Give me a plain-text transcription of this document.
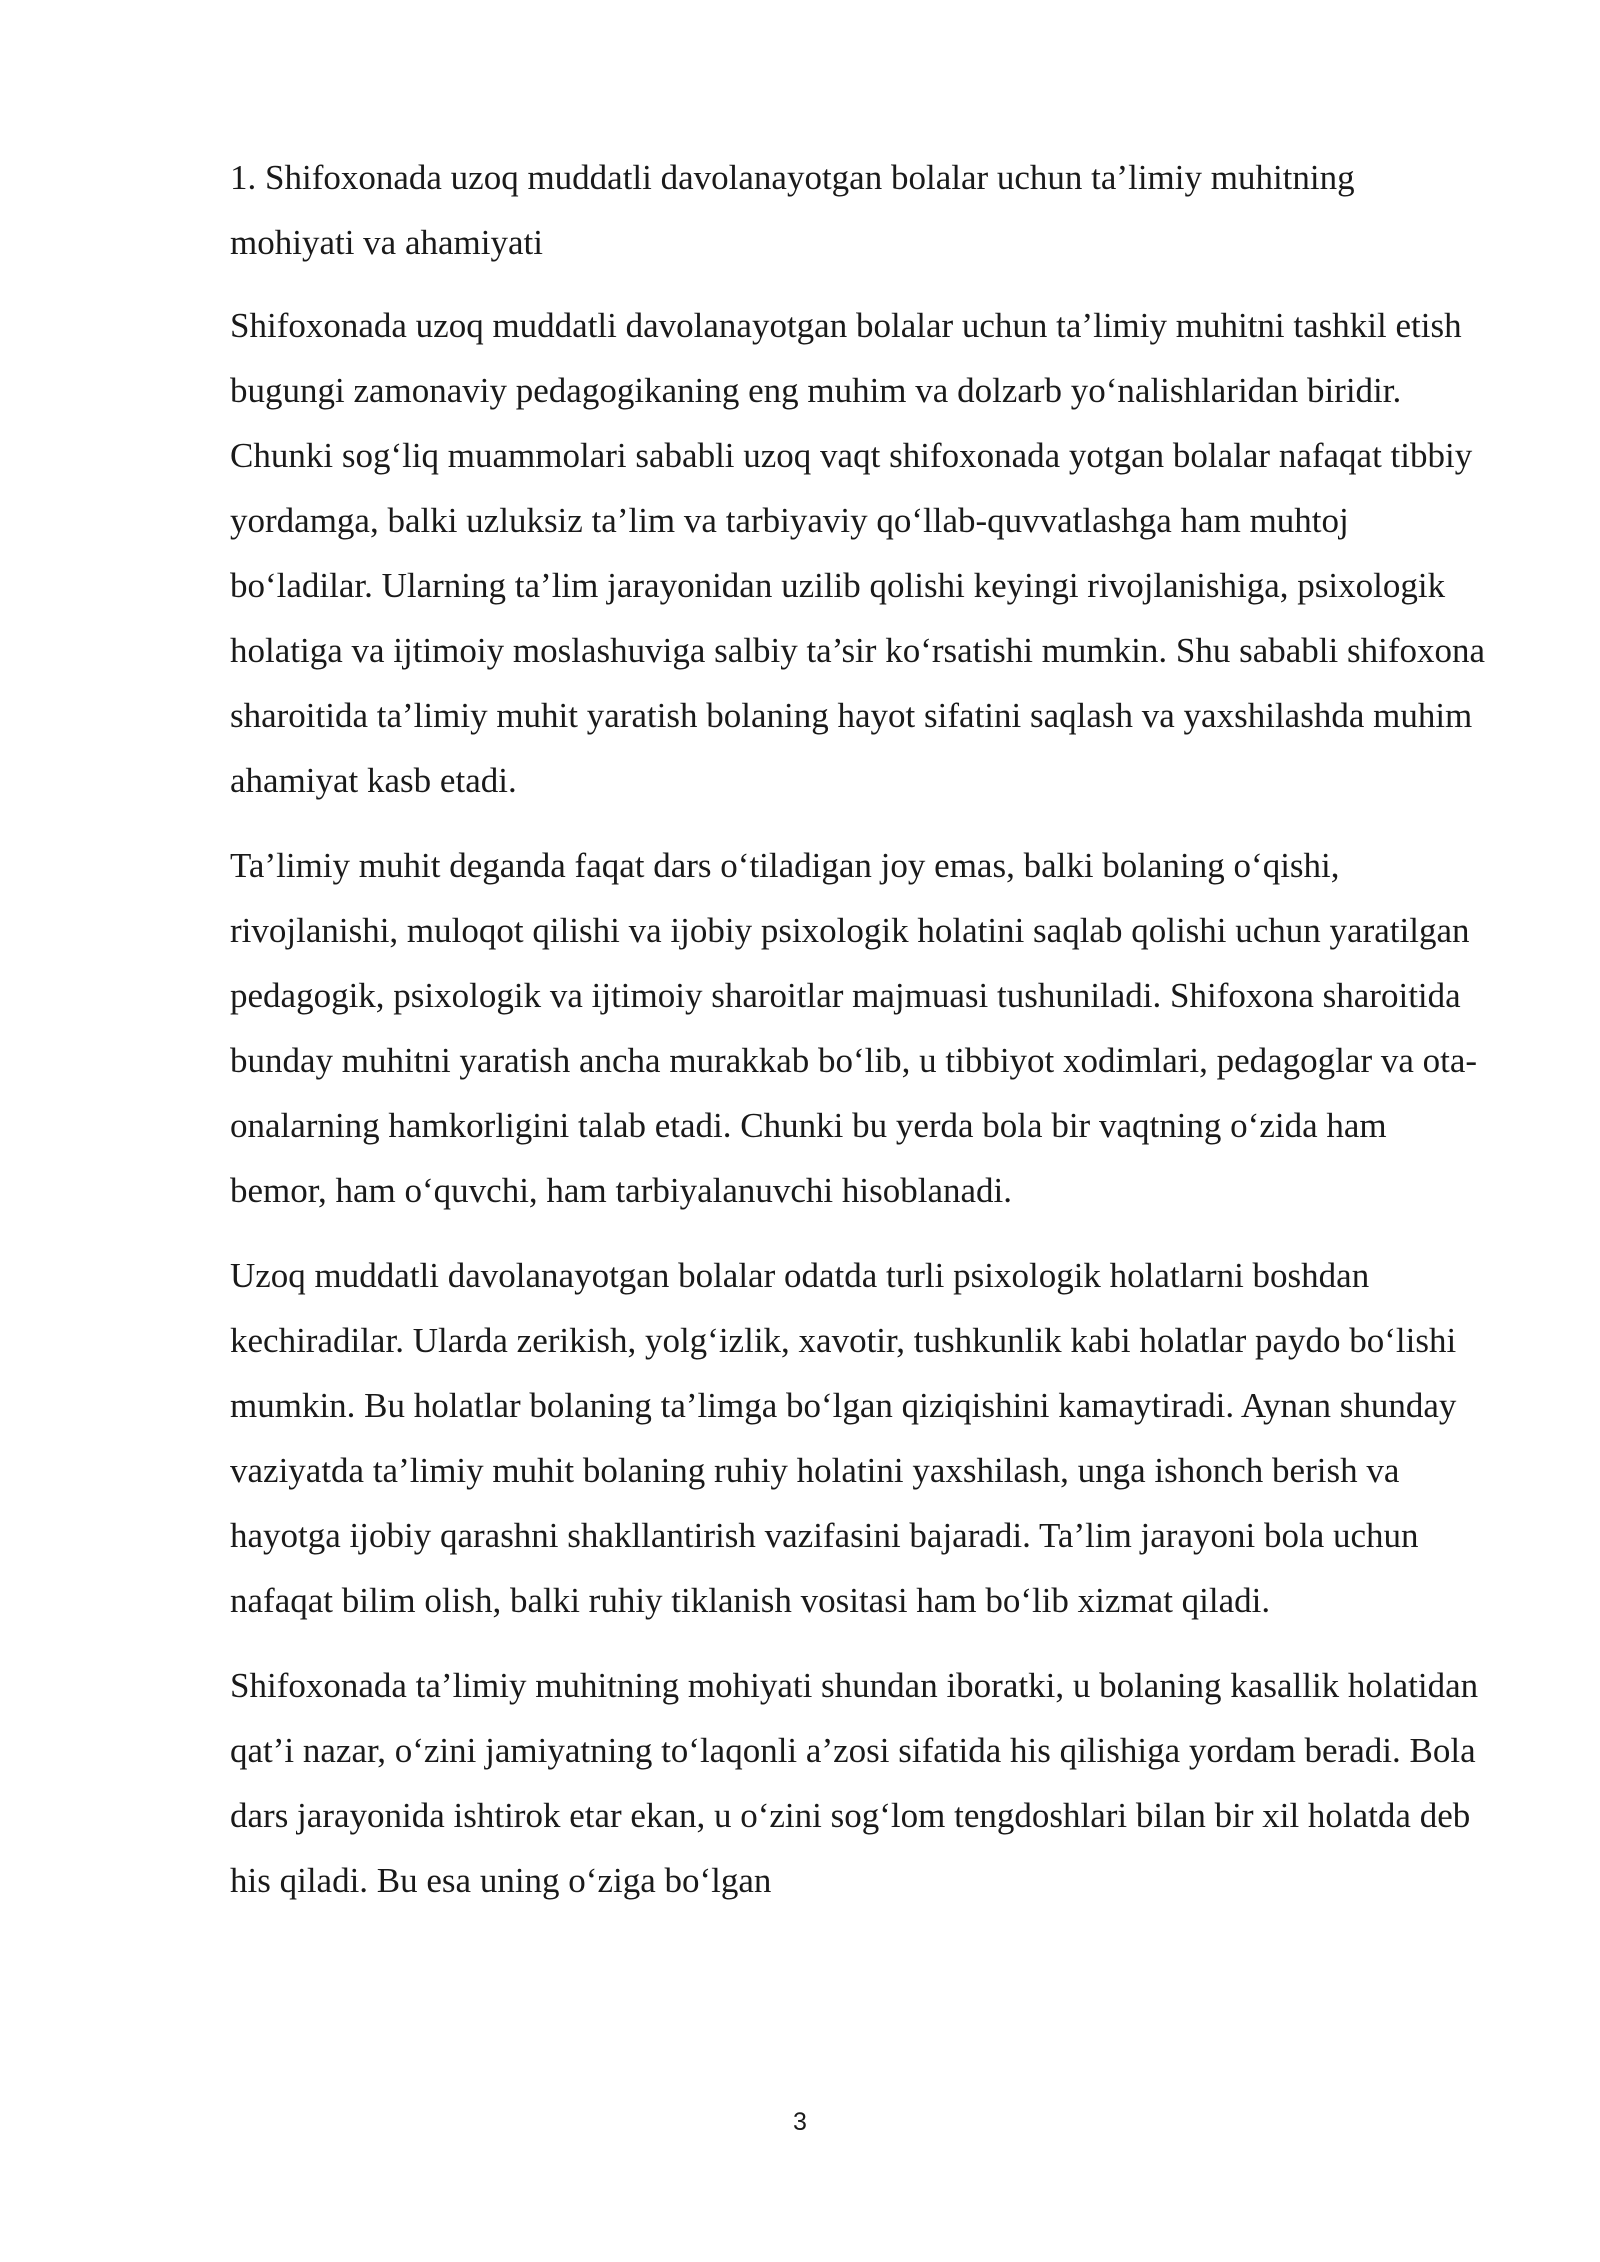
1. Shifoxonada uzoq muddatli davolanayotgan bolalar uchun ta’limiy muhitning mohiyati va ahamiyati

Shifoxonada uzoq muddatli davolanayotgan bolalar uchun ta’limiy muhitni tashkil etish bugungi zamonaviy pedagogikaning eng muhim va dolzarb yo‘nalishlaridan biridir. Chunki sog‘liq muammolari sababli uzoq vaqt shifoxonada yotgan bolalar nafaqat tibbiy yordamga, balki uzluksiz ta’lim va tarbiyaviy qo‘llab-quvvatlashga ham muhtoj bo‘ladilar. Ularning ta’lim jarayonidan uzilib qolishi keyingi rivojlanishiga, psixologik holatiga va ijtimoiy moslashuviga salbiy ta’sir ko‘rsatishi mumkin. Shu sababli shifoxona sharoitida ta’limiy muhit yaratish bolaning hayot sifatini saqlash va yaxshilashda muhim ahamiyat kasb etadi.

Ta’limiy muhit deganda faqat dars o‘tiladigan joy emas, balki bolaning o‘qishi, rivojlanishi, muloqot qilishi va ijobiy psixologik holatini saqlab qolishi uchun yaratilgan pedagogik, psixologik va ijtimoiy sharoitlar majmuasi tushuniladi. Shifoxona sharoitida bunday muhitni yaratish ancha murakkab bo‘lib, u tibbiyot xodimlari, pedagoglar va ota-onalarning hamkorligini talab etadi. Chunki bu yerda bola bir vaqtning o‘zida ham bemor, ham o‘quvchi, ham tarbiyalanuvchi hisoblanadi.

Uzoq muddatli davolanayotgan bolalar odatda turli psixologik holatlarni boshdan kechiradilar. Ularda zerikish, yolg‘izlik, xavotir, tushkunlik kabi holatlar paydo bo‘lishi mumkin. Bu holatlar bolaning ta’limga bo‘lgan qiziqishini kamaytiradi. Aynan shunday vaziyatda ta’limiy muhit bolaning ruhiy holatini yaxshilash, unga ishonch berish va hayotga ijobiy qarashni shakllantirish vazifasini bajaradi. Ta’lim jarayoni bola uchun nafaqat bilim olish, balki ruhiy tiklanish vositasi ham bo‘lib xizmat qiladi.

Shifoxonada ta’limiy muhitning mohiyati shundan iboratki, u bolaning kasallik holatidan qat’i nazar, o‘zini jamiyatning to‘laqonli a’zosi sifatida his qilishiga yordam beradi. Bola dars jarayonida ishtirok etar ekan, u o‘zini sog‘lom tengdoshlari bilan bir xil holatda deb his qiladi. Bu esa uning o‘ziga bo‘lgan

3
